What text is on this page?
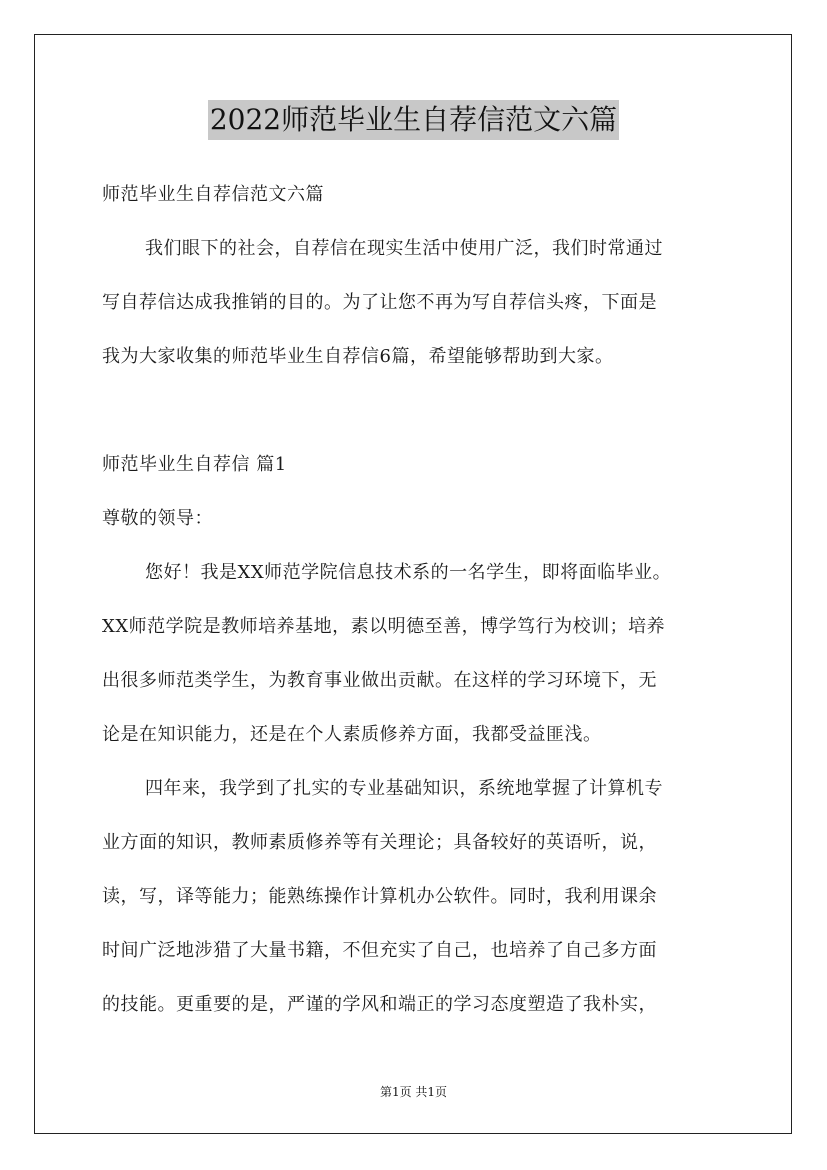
2022师范毕业生自荐信范文六篇
师范毕业生自荐信范文六篇
我们眼下的社会，自荐信在现实生活中使用广泛，我们时常通过
写自荐信达成我推销的目的。为了让您不再为写自荐信头疼，下面是
我为大家收集的师范毕业生自荐信6篇，希望能够帮助到大家。
师范毕业生自荐信 篇1
尊敬的领导：
您好！我是XX师范学院信息技术系的一名学生，即将面临毕业。
XX师范学院是教师培养基地，素以明德至善，博学笃行为校训；培养
出很多师范类学生，为教育事业做出贡献。在这样的学习环境下，无
论是在知识能力，还是在个人素质修养方面，我都受益匪浅。
四年来，我学到了扎实的专业基础知识，系统地掌握了计算机专
业方面的知识，教师素质修养等有关理论；具备较好的英语听，说，
读，写，译等能力；能熟练操作计算机办公软件。同时，我利用课余
时间广泛地涉猎了大量书籍，不但充实了自己，也培养了自己多方面
的技能。更重要的是，严谨的学风和端正的学习态度塑造了我朴实，
第1页 共1页
